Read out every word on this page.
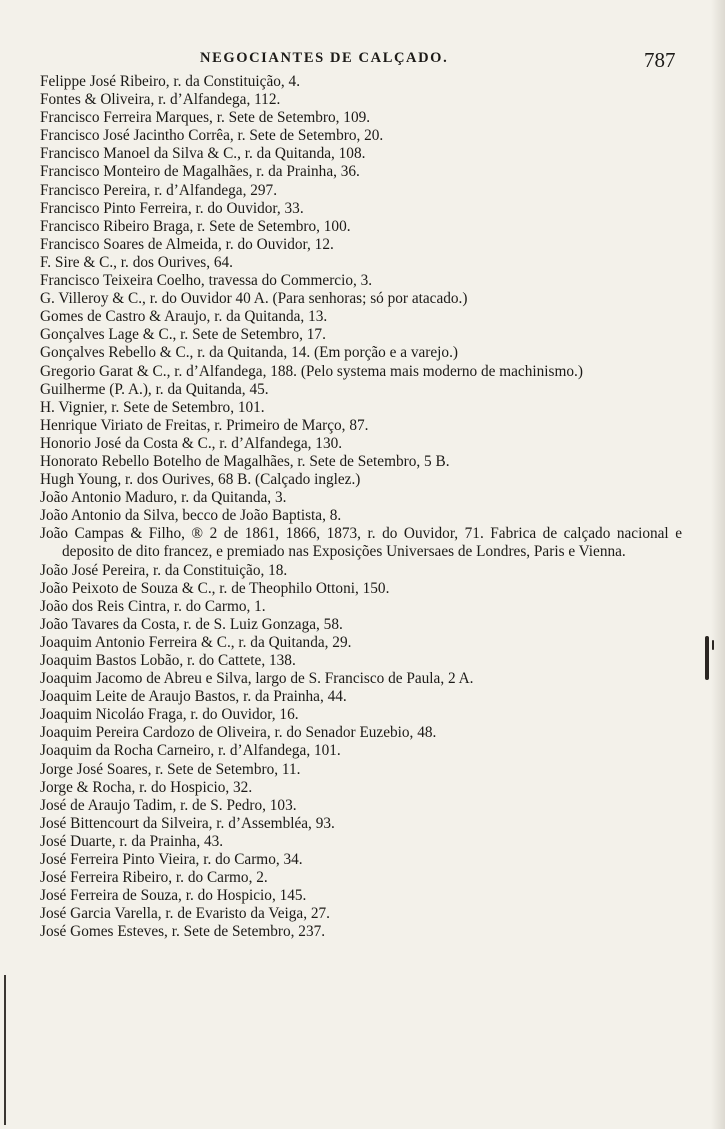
NEGOCIANTES DE CALÇADO.	787
Felippe José Ribeiro, r. da Constituição, 4.
Fontes & Oliveira, r. d’Alfandega, 112.
Francisco Ferreira Marques, r. Sete de Setembro, 109.
Francisco José Jacintho Corrêa, r. Sete de Setembro, 20.
Francisco Manoel da Silva & C., r. da Quitanda, 108.
Francisco Monteiro de Magalhães, r. da Prainha, 36.
Francisco Pereira, r. d’Alfandega, 297.
Francisco Pinto Ferreira, r. do Ouvidor, 33.
Francisco Ribeiro Braga, r. Sete de Setembro, 100.
Francisco Soares de Almeida, r. do Ouvidor, 12.
F. Sire & C., r. dos Ourives, 64.
Francisco Teixeira Coelho, travessa do Commercio, 3.
G. Villeroy & C., r. do Ouvidor 40 A. (Para senhoras; só por atacado.)
Gomes de Castro & Araujo, r. da Quitanda, 13.
Gonçalves Lage & C., r. Sete de Setembro, 17.
Gonçalves Rebello & C., r. da Quitanda, 14. (Em porção e a varejo.)
Gregorio Garat & C., r. d’Alfandega, 188. (Pelo systema mais moderno de machinismo.)
Guilherme (P. A.), r. da Quitanda, 45.
H. Vignier, r. Sete de Setembro, 101.
Henrique Viriato de Freitas, r. Primeiro de Março, 87.
Honorio José da Costa & C., r. d’Alfandega, 130.
Honorato Rebello Botelho de Magalhães, r. Sete de Setembro, 5 B.
Hugh Young, r. dos Ourives, 68 B. (Calçado inglez.)
João Antonio Maduro, r. da Quitanda, 3.
João Antonio da Silva, becco de João Baptista, 8.
João Campas & Filho, ® 2 de 1861, 1866, 1873, r. do Ouvidor, 71. Fabrica de calçado nacional e deposito de dito francez, e premiado nas Exposições Universaes de Londres, Paris e Vienna.
João José Pereira, r. da Constituição, 18.
João Peixoto de Souza & C., r. de Theophilo Ottoni, 150.
João dos Reis Cintra, r. do Carmo, 1.
João Tavares da Costa, r. de S. Luiz Gonzaga, 58.
Joaquim Antonio Ferreira & C., r. da Quitanda, 29.
Joaquim Bastos Lobão, r. do Cattete, 138.
Joaquim Jacomo de Abreu e Silva, largo de S. Francisco de Paula, 2 A.
Joaquim Leite de Araujo Bastos, r. da Prainha, 44.
Joaquim Nicoláo Fraga, r. do Ouvidor, 16.
Joaquim Pereira Cardozo de Oliveira, r. do Senador Euzebio, 48.
Joaquim da Rocha Carneiro, r. d’Alfandega, 101.
Jorge José Soares, r. Sete de Setembro, 11.
Jorge & Rocha, r. do Hospicio, 32.
José de Araujo Tadim, r. de S. Pedro, 103.
José Bittencourt da Silveira, r. d’Assembléa, 93.
José Duarte, r. da Prainha, 43.
José Ferreira Pinto Vieira, r. do Carmo, 34.
José Ferreira Ribeiro, r. do Carmo, 2.
José Ferreira de Souza, r. do Hospicio, 145.
José Garcia Varella, r. de Evaristo da Veiga, 27.
José Gomes Esteves, r. Sete de Setembro, 237.
